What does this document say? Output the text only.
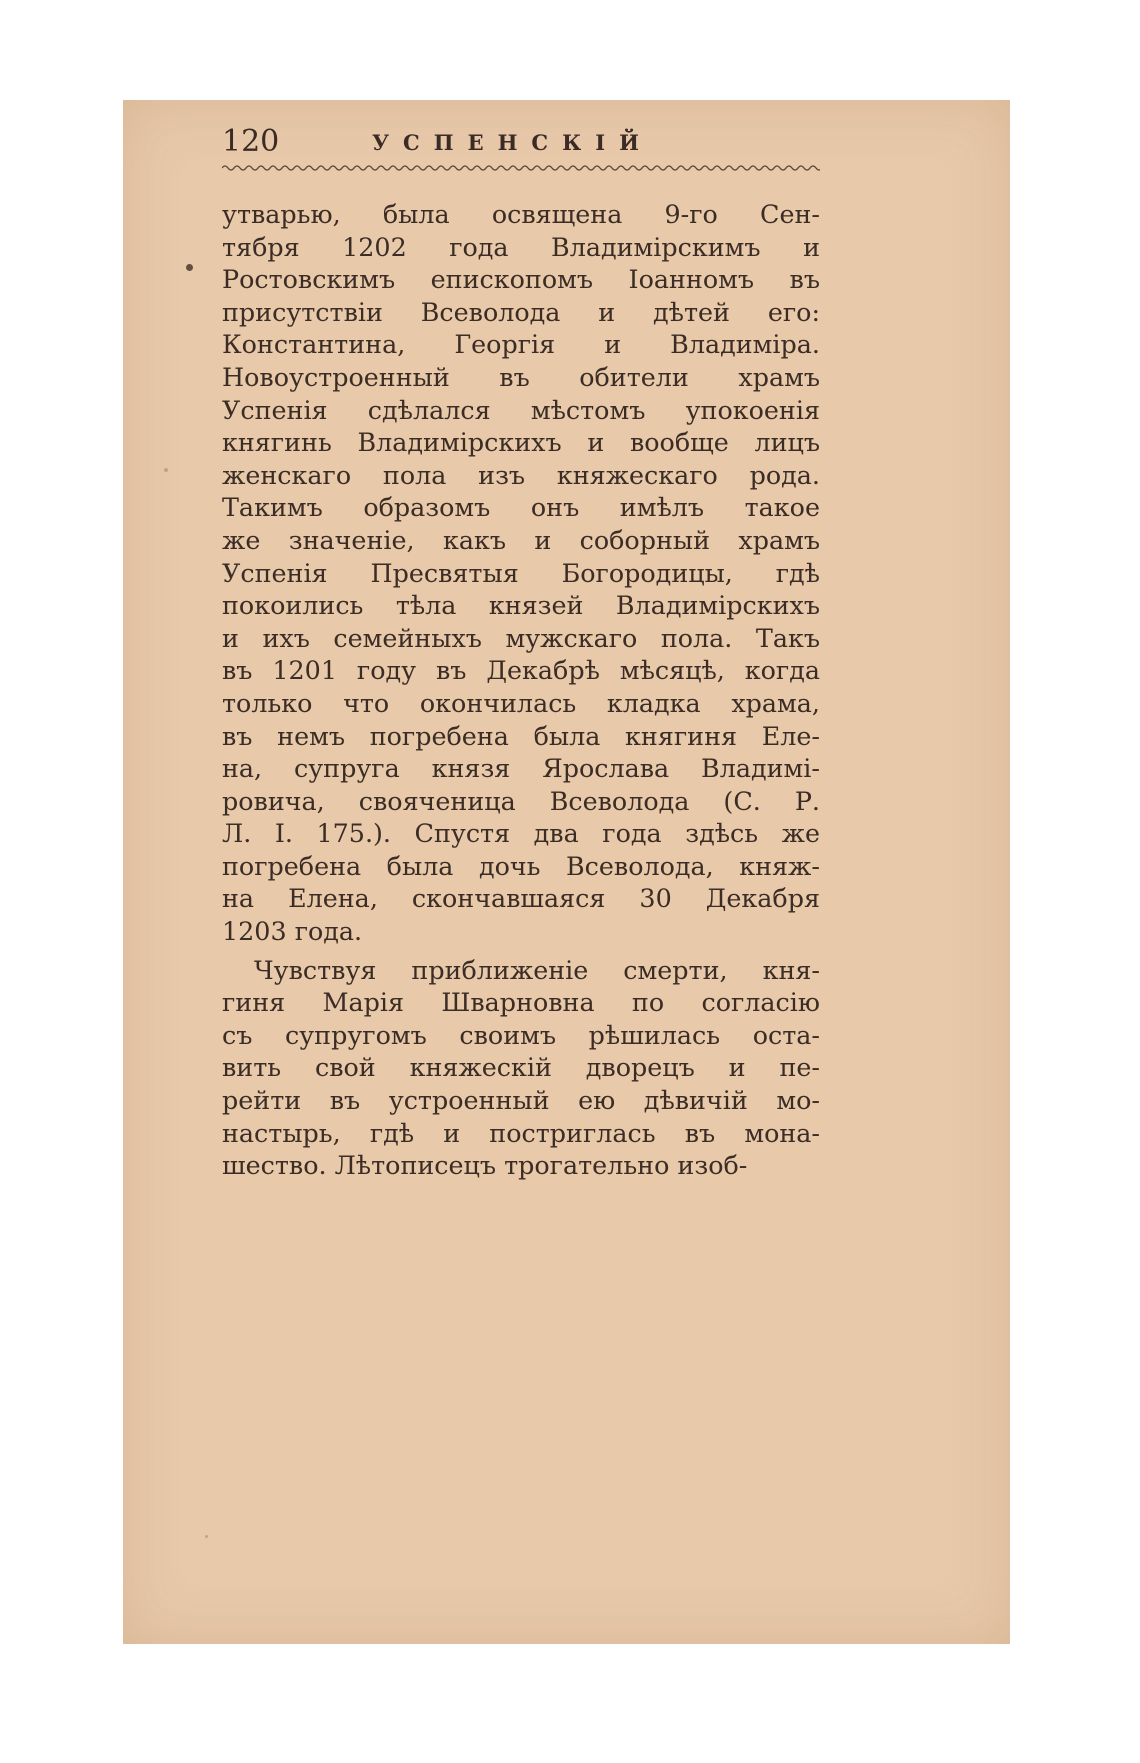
120	УСПЕНСКІЙ
утварью, была освящена 9-го Сен-
тября 1202 года Владимірскимъ и
Ростовскимъ епископомъ Іоанномъ въ
присутствіи Всеволода и дѣтей его:
Константина, Георгія и Владиміра.
Новоустроенный въ обители храмъ
Успенія сдѣлался мѣстомъ упокоенія
княгинь Владимірскихъ и вообще лицъ
женскаго пола изъ княжескаго рода.
Такимъ образомъ онъ имѣлъ такое
же значеніе, какъ и соборный храмъ
Успенія Пресвятыя Богородицы, гдѣ
покоились тѣла князей Владимірскихъ
и ихъ семейныхъ мужскаго пола. Такъ
въ 1201 году въ Декабрѣ мѣсяцѣ, когда
только что окончилась кладка храма,
въ немъ погребена была княгиня Еле-
на, супруга князя Ярослава Владимі-
ровича, свояченица Всеволода (С. Р.
Л. І. 175.). Спустя два года здѣсь же
погребена была дочь Всеволода, княж-
на Елена, скончавшаяся 30 Декабря
1203 года.
Чувствуя приближеніе смерти, кня-
гиня Марія Шварновна по согласію
съ супругомъ своимъ рѣшилась оста-
вить свой княжескій дворецъ и пе-
рейти въ устроенный ею дѣвичій мо-
настырь, гдѣ и постриглась въ мона-
шество. Лѣтописецъ трогательно изоб-
